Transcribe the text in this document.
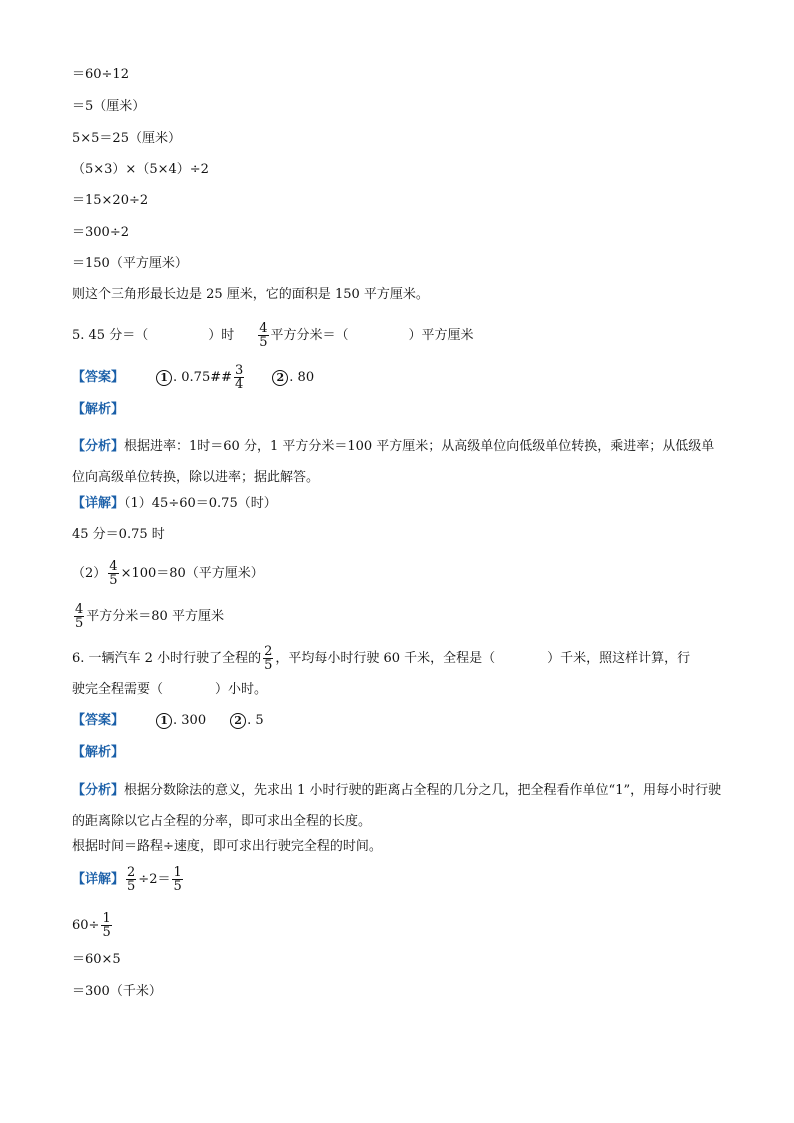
＝60÷12
＝5（厘米）
5×5＝25（厘米）
（5×3）×（5×4）÷2
＝15×20÷2
＝300÷2
＝150（平方厘米）
则这个三角形最长边是 25 厘米，它的面积是 150 平方厘米。
5. 45 分＝（	）时 $\frac{4}{5}$ 平方分米＝（	）平方厘米
【答案】	1 . 0.75## $\frac{3}{4}$	2 . 80
【解析】
【分析】根据进率：1时＝60 分，1 平方分米＝100 平方厘米；从高级单位向低级单位转换，乘进率；从低级单位向高级单位转换，除以进率；据此解答。
【详解】（1）45÷60＝0.75（时）
45 分＝0.75 时
$(2) \frac{4}{5} \times 100=80$（平方厘米）
$\frac{4}{5}$ 平方分米＝80 平方厘米
6. 一辆汽车 2 小时行驶了全程的 $\frac{2}{5}$ ，平均每小时行驶 60 千米，全程是（	）千米，照这样计算，行
驶完全程需要（	）小时。
【答案】	1 . 300	2 . 5
【解析】
【分析】根据分数除法的意义，先求出 1 小时行驶的距离占全程的几分之几，把全程看作单位“1”，用每小时行驶的距离除以它占全程的分率，即可求出全程的长度。
根据时间＝路程÷速度，即可求出行驶完全程的时间。
【详解】 $\frac{2}{5} \div 2= \frac{1}{5}$
$60\div \frac{1}{5}$
＝60×5
＝300（千米）
